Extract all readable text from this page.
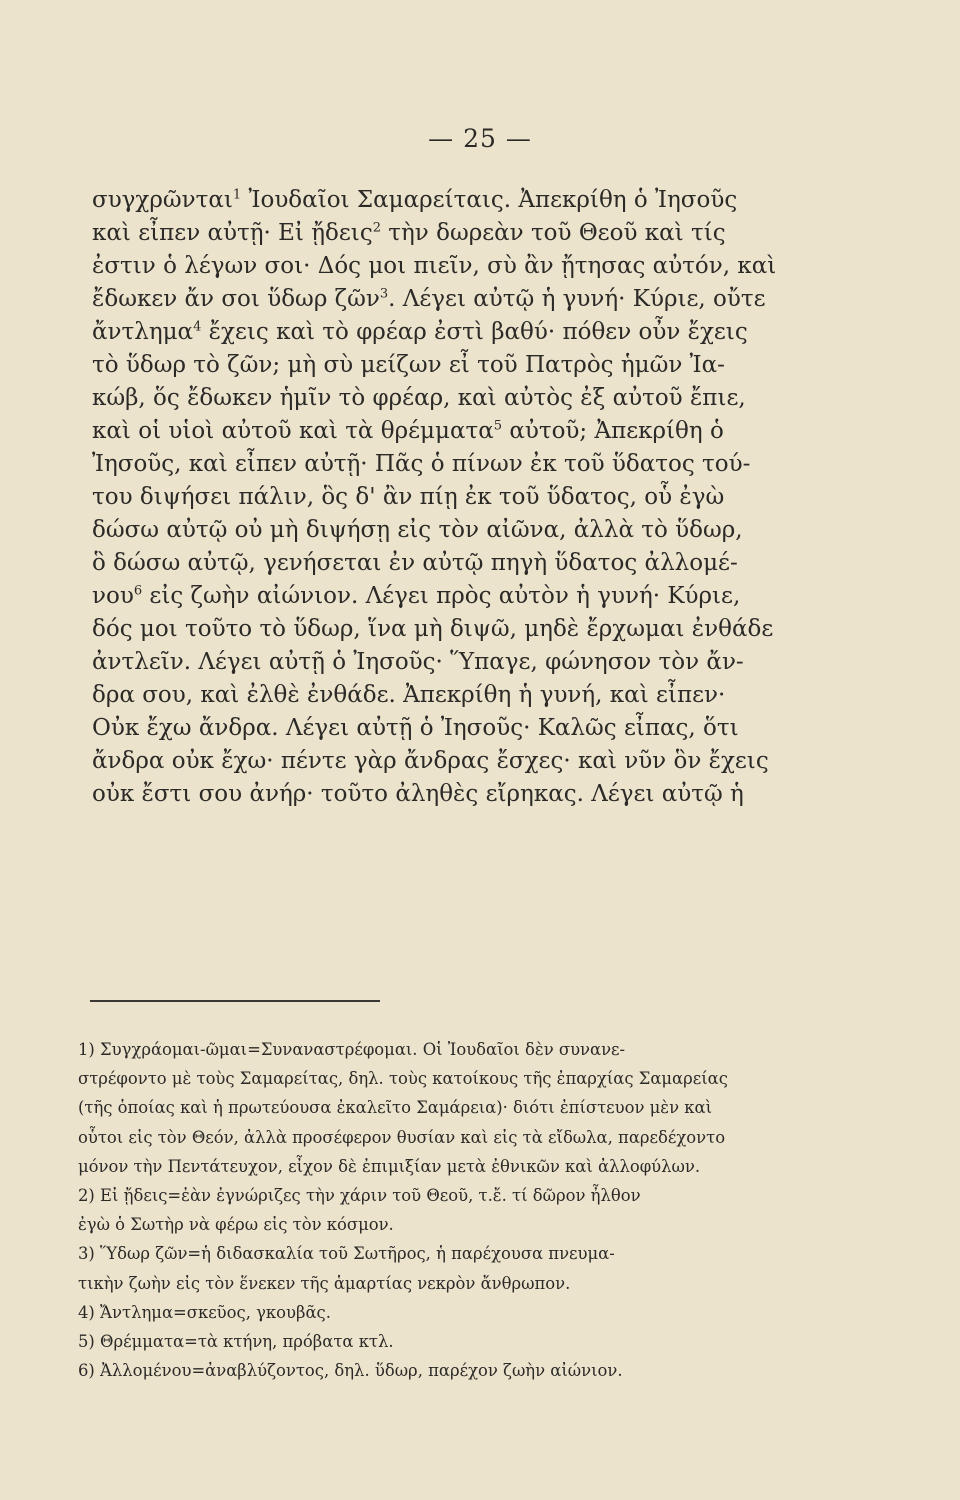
— 25 —
συγχρῶνται$^1$ Ἰουδαῖοι Σαμαρείταις. Ἀπεκρίθη ὁ Ἰησοῦς
καὶ εἶπεν αὐτῇ· Εἰ ᾔδεις$^2$ τὴν δωρεὰν τοῦ Θεοῦ καὶ τίς
ἐστιν ὁ λέγων σοι· Δός μοι πιεῖν, σὺ ἂν ᾔτησας αὐτόν, καὶ
ἔδωκεν ἄν σοι ὕδωρ ζῶν$^3$. Λέγει αὐτῷ ἡ γυνή· Κύριε, οὔτε
ἄντλημα$^4$ ἔχεις καὶ τὸ φρέαρ ἐστὶ βαθύ· πόθεν οὖν ἔχεις
τὸ ὕδωρ τὸ ζῶν; μὴ σὺ μείζων εἶ τοῦ Πατρὸς ἡμῶν Ἰα-
κώβ, ὅς ἔδωκεν ἡμῖν τὸ φρέαρ, καὶ αὐτὸς ἐξ αὐτοῦ ἔπιε,
καὶ οἱ υἱοὶ αὐτοῦ καὶ τὰ θρέμματα$^5$ αὐτοῦ; Ἀπεκρίθη ὁ
Ἰησοῦς, καὶ εἶπεν αὐτῇ· Πᾶς ὁ πίνων ἐκ τοῦ ὕδατος τού-
του διψήσει πάλιν, ὃς δ' ἂν πίῃ ἐκ τοῦ ὕδατος, οὗ ἐγὼ
δώσω αὐτῷ οὐ μὴ διψήσῃ εἰς τὸν αἰῶνα, ἀλλὰ τὸ ὕδωρ,
ὃ δώσω αὐτῷ, γενήσεται ἐν αὐτῷ πηγὴ ὕδατος ἀλλομέ-
νου$^6$ εἰς ζωὴν αἰώνιον. Λέγει πρὸς αὐτὸν ἡ γυνή· Κύριε,
δός μοι τοῦτο τὸ ὕδωρ, ἵνα μὴ διψῶ, μηδὲ ἔρχωμαι ἐνθάδε
ἀντλεῖν. Λέγει αὐτῇ ὁ Ἰησοῦς· Ὕπαγε, φώνησον τὸν ἄν-
δρα σου, καὶ ἐλθὲ ἐνθάδε. Ἀπεκρίθη ἡ γυνή, καὶ εἶπεν·
Οὐκ ἔχω ἄνδρα. Λέγει αὐτῇ ὁ Ἰησοῦς· Καλῶς εἶπας, ὅτι
ἄνδρα οὐκ ἔχω· πέντε γὰρ ἄνδρας ἔσχες· καὶ νῦν ὃν ἔχεις
οὐκ ἔστι σου ἀνήρ· τοῦτο ἀληθὲς εἴρηκας. Λέγει αὐτῷ ἡ
1) Συγχράομαι-ῶμαι=Συναναστρέφομαι. Οἱ Ἰουδαῖοι δὲν συνανε-
στρέφοντο μὲ τοὺς Σαμαρείτας, δηλ. τοὺς κατοίκους τῆς ἐπαρχίας Σαμαρείας
(τῆς ὁποίας καὶ ἡ πρωτεύουσα ἐκαλεῖτο Σαμάρεια)· διότι ἐπίστευον μὲν καὶ
οὗτοι εἰς τὸν Θεόν, ἀλλὰ προσέφερον θυσίαν καὶ εἰς τὰ εἴδωλα, παρεδέχοντο
μόνον τὴν Πεντάτευχον, εἶχον δὲ ἐπιμιξίαν μετὰ ἐθνικῶν καὶ ἀλλοφύλων.
2) Εἰ ᾔδεις=ἐὰν ἐγνώριζες τὴν χάριν τοῦ Θεοῦ, τ.ἔ. τί δῶρον ἦλθον
ἐγὼ ὁ Σωτὴρ νὰ φέρω εἰς τὸν κόσμον.
3) Ὕδωρ ζῶν=ἡ διδασκαλία τοῦ Σωτῆρος, ἡ παρέχουσα πνευμα-
τικὴν ζωὴν εἰς τὸν ἕνεκεν τῆς ἁμαρτίας νεκρὸν ἄνθρωπον.
4) Ἄντλημα=σκεῦος, γκουβᾶς.
5) Θρέμματα=τὰ κτήνη, πρόβατα κτλ.
6) Ἀλλομένου=ἀναβλύζοντος, δηλ. ὕδωρ, παρέχον ζωὴν αἰώνιον.
